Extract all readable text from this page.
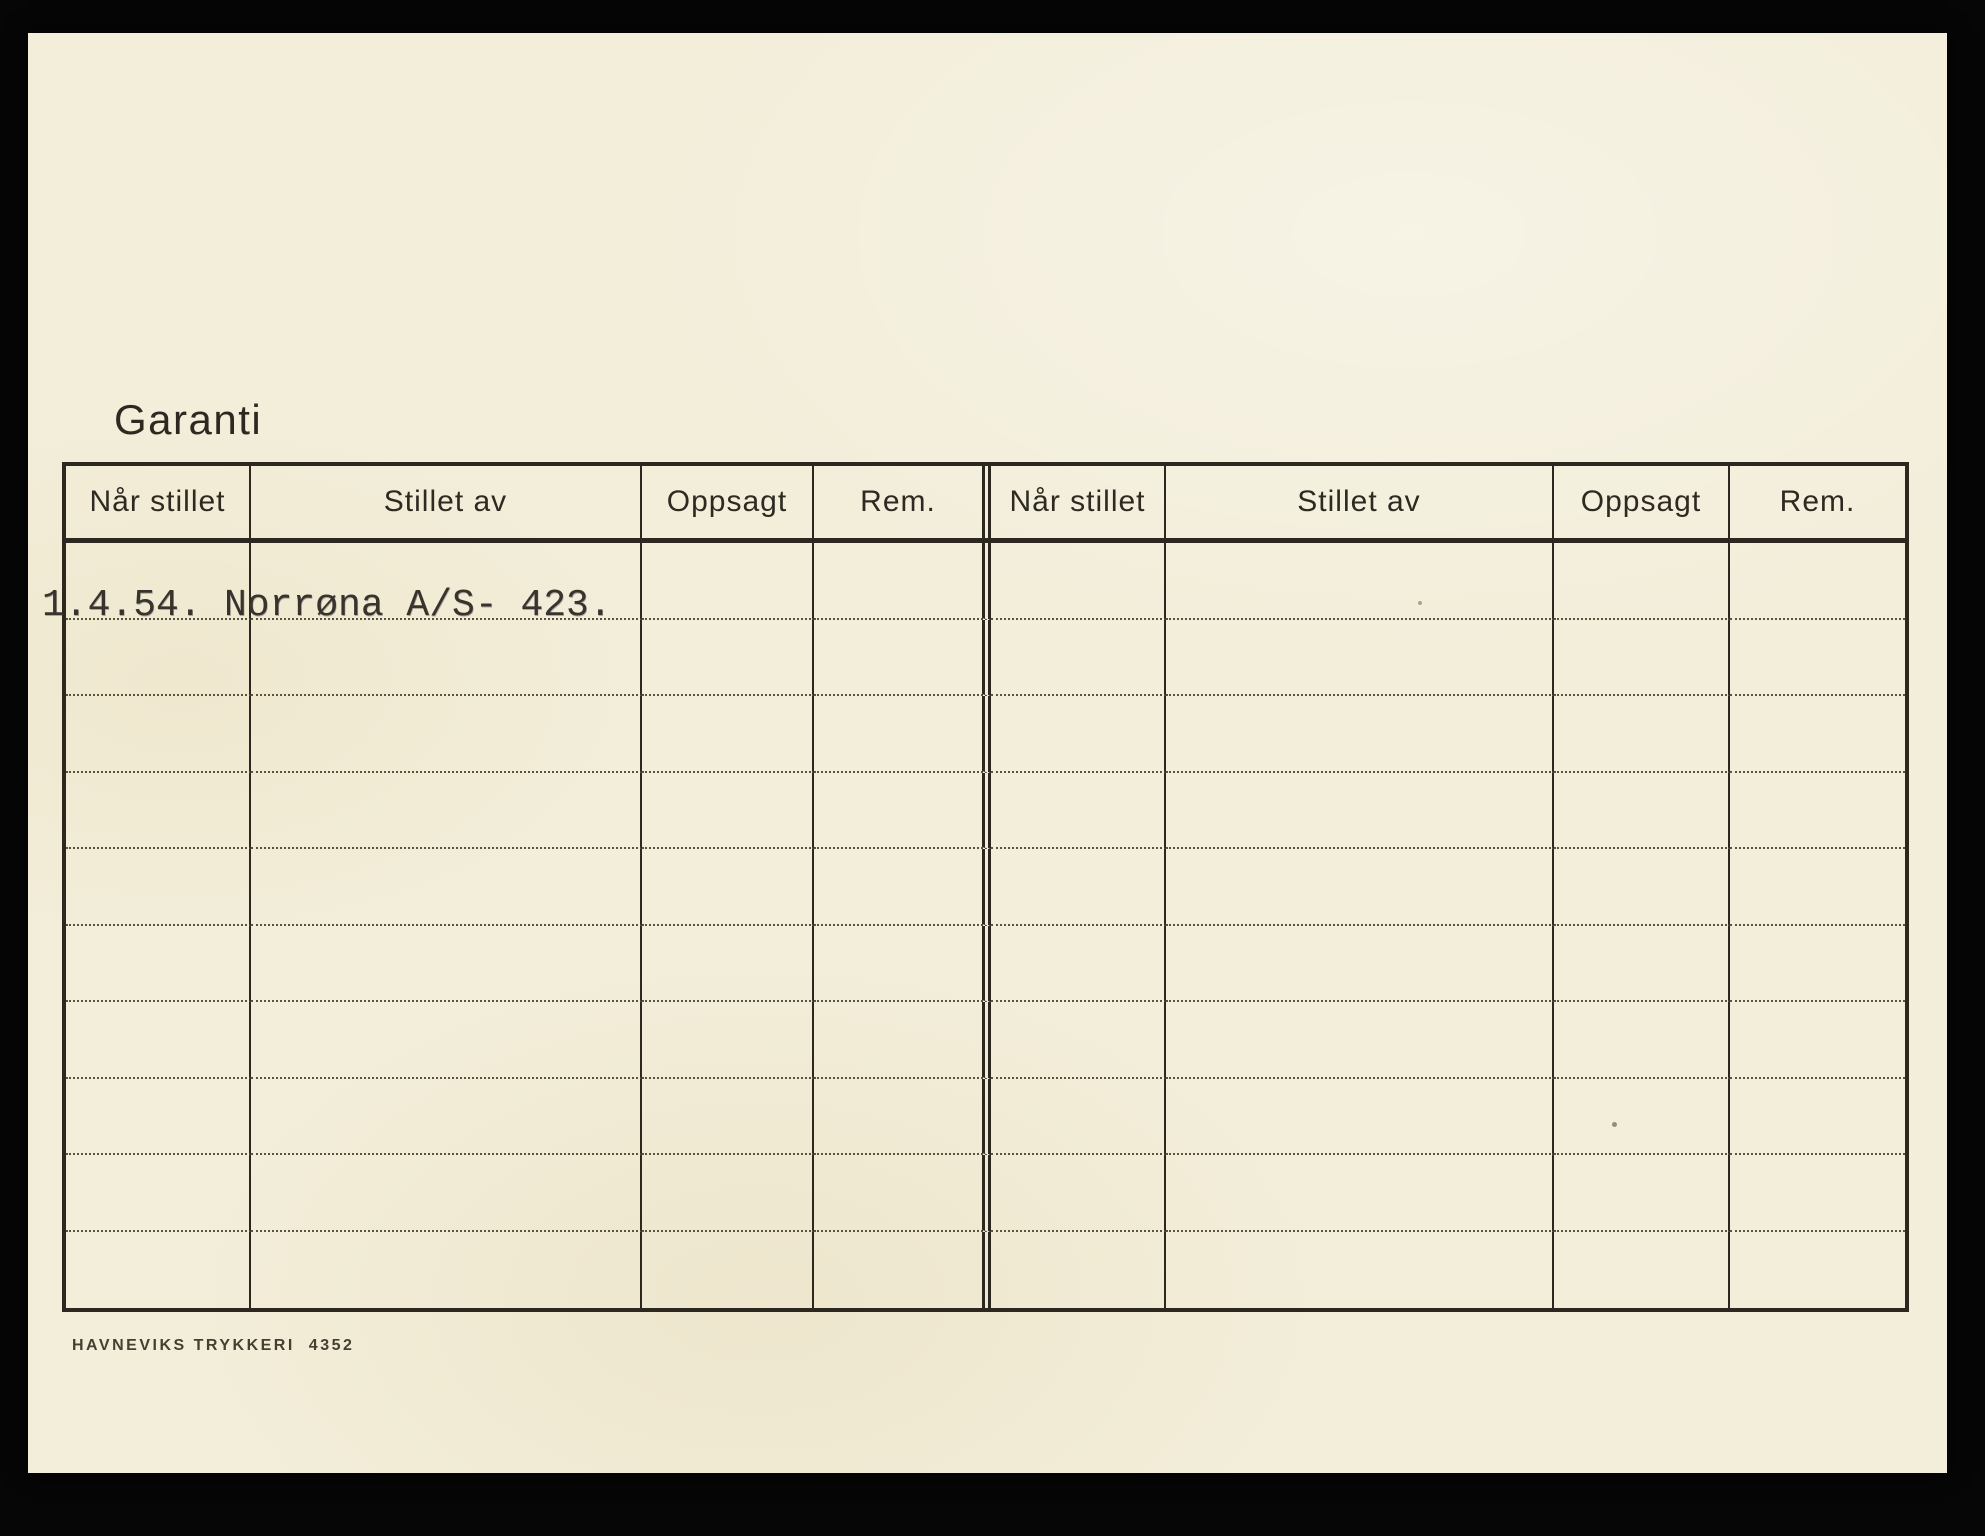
Garanti
Når stillet	Stillet av	Oppsagt	Rem.	Når stillet	Stillet av	Oppsagt	Rem.
1.4.54. Norrøna A/S- 423.
HAVNEVIKS TRYKKERI 4352
